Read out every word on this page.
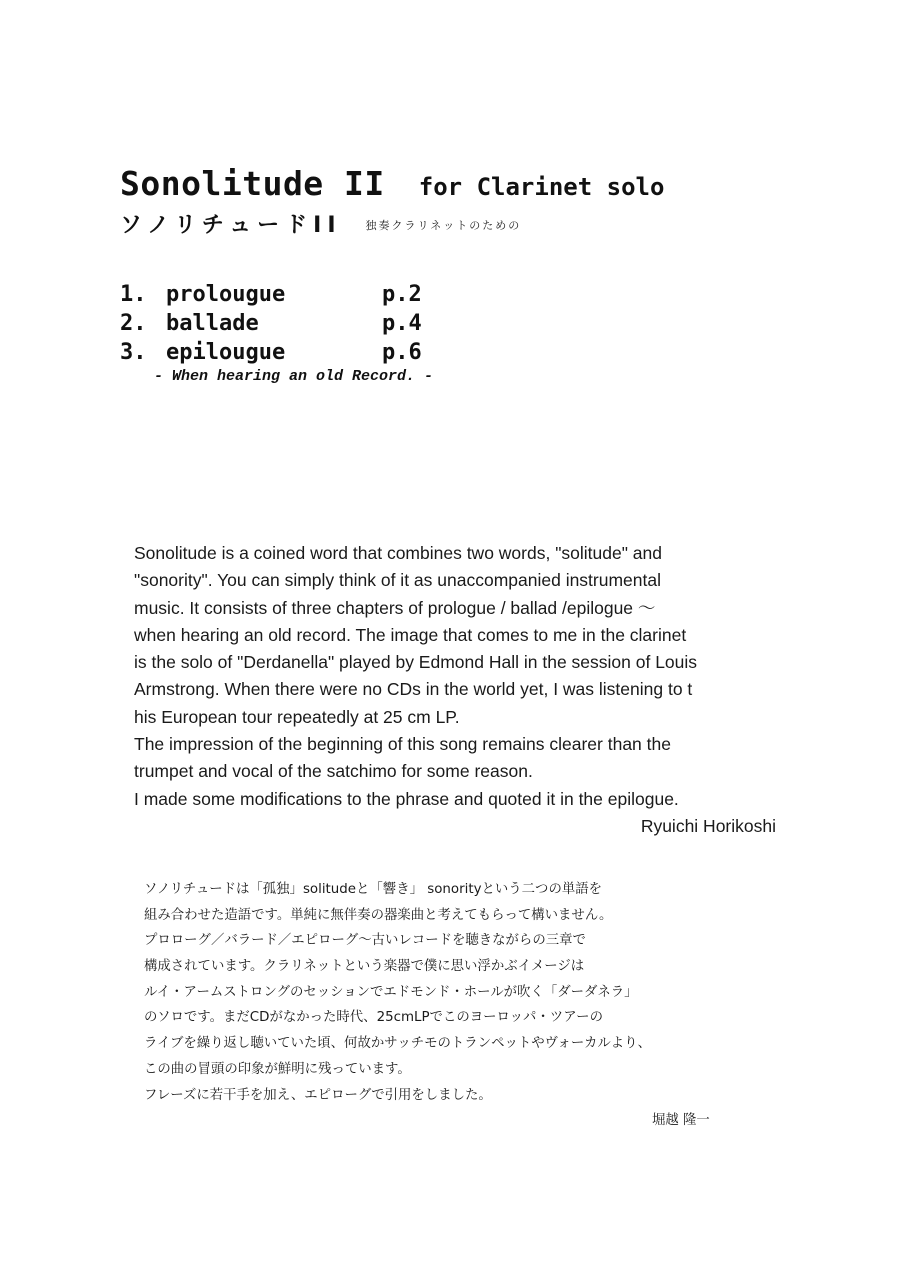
Sonolitude II for Clarinet solo
ソノリチュードII 独奏クラリネットのための
1. prolougue	p.2
2. ballade	p.4
3. epilougue	p.6
- When hearing an old Record. -
Sonolitude is a coined word that combines two words, "solitude" and
"sonority". You can simply think of it as unaccompanied instrumental
music. It consists of three chapters of prologue / ballad /epilogue ～
when hearing an old record. The image that comes to me in the clarinet
is the solo of "Derdanella" played by Edmond Hall in the session of Louis
Armstrong. When there were no CDs in the world yet, I was listening to t
his European tour repeatedly at 25 cm LP.
The impression of the beginning of this song remains clearer than the
trumpet and vocal of the satchimo for some reason.
I made some modifications to the phrase and quoted it in the epilogue.
Ryuichi Horikoshi
ソノリチュードは「孤独」solitudeと「響き」 sonorityという二つの単語を
組み合わせた造語です。単純に無伴奏の器楽曲と考えてもらって構いません。
プロローグ／バラード／エピローグ～古いレコードを聴きながらの三章で
構成されています。クラリネットという楽器で僕に思い浮かぶイメージは
ルイ・アームストロングのセッションでエドモンド・ホールが吹く「ダーダネラ」
のソロです。まだCDがなかった時代、25cmLPでこのヨーロッパ・ツアーの
ライブを繰り返し聴いていた頃、何故かサッチモのトランペットやヴォーカルより、
この曲の冒頭の印象が鮮明に残っています。
フレーズに若干手を加え、エピローグで引用をしました。
堀越 隆一
